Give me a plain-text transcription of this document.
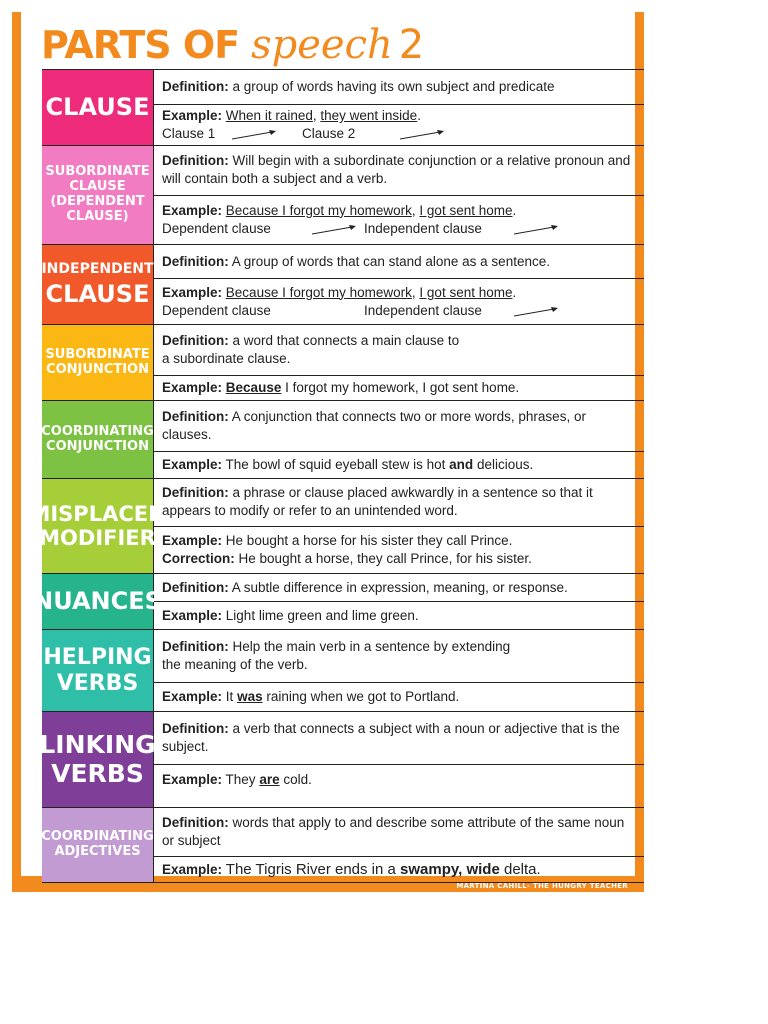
PARTS OF speech 2
CLAUSE
Definition: a group of words having its own subject and predicate
Example: When it rained, they went inside.
Clause 1	Clause 2
SUBORDINATE CLAUSE (DEPENDENT CLAUSE)
Definition: Will begin with a subordinate conjunction or a relative pronoun and will contain both a subject and a verb.
Example: Because I forgot my homework, I got sent home.
Dependent clause	Independent clause
INDEPENDENT
CLAUSE
Definition: A group of words that can stand alone as a sentence.
Example: Because I forgot my homework, I got sent home.
Dependent clause	Independent clause
SUBORDINATE CONJUNCTION
Definition: a word that connects a main clause to
a subordinate clause.
Example: Because I forgot my homework, I got sent home.
COORDINATING CONJUNCTION
Definition: A conjunction that connects two or more words, phrases, or clauses.
Example: The bowl of squid eyeball stew is hot and delicious.
MISPLACED MODIFIER
Definition: a phrase or clause placed awkwardly in a sentence so that it appears to modify or refer to an unintended word.
Example: He bought a horse for his sister they call Prince.
Correction: He bought a horse, they call Prince, for his sister.
NUANCES Definition: A subtle difference in expression, meaning, or response.
Example: Light lime green and lime green.
HELPING VERBS
Definition: Help the main verb in a sentence by extending
the meaning of the verb.
Example: It was raining when we got to Portland.
LINKING VERBS
Definition: a verb that connects a subject with a noun or adjective that is the subject.
Example: They are cold.
COORDINATING ADJECTIVES
Definition: words that apply to and describe some attribute of the same noun or subject
Example: The Tigris River ends in a swampy, wide delta.
MARTINA CAHILL- THE HUNGRY TEACHER
